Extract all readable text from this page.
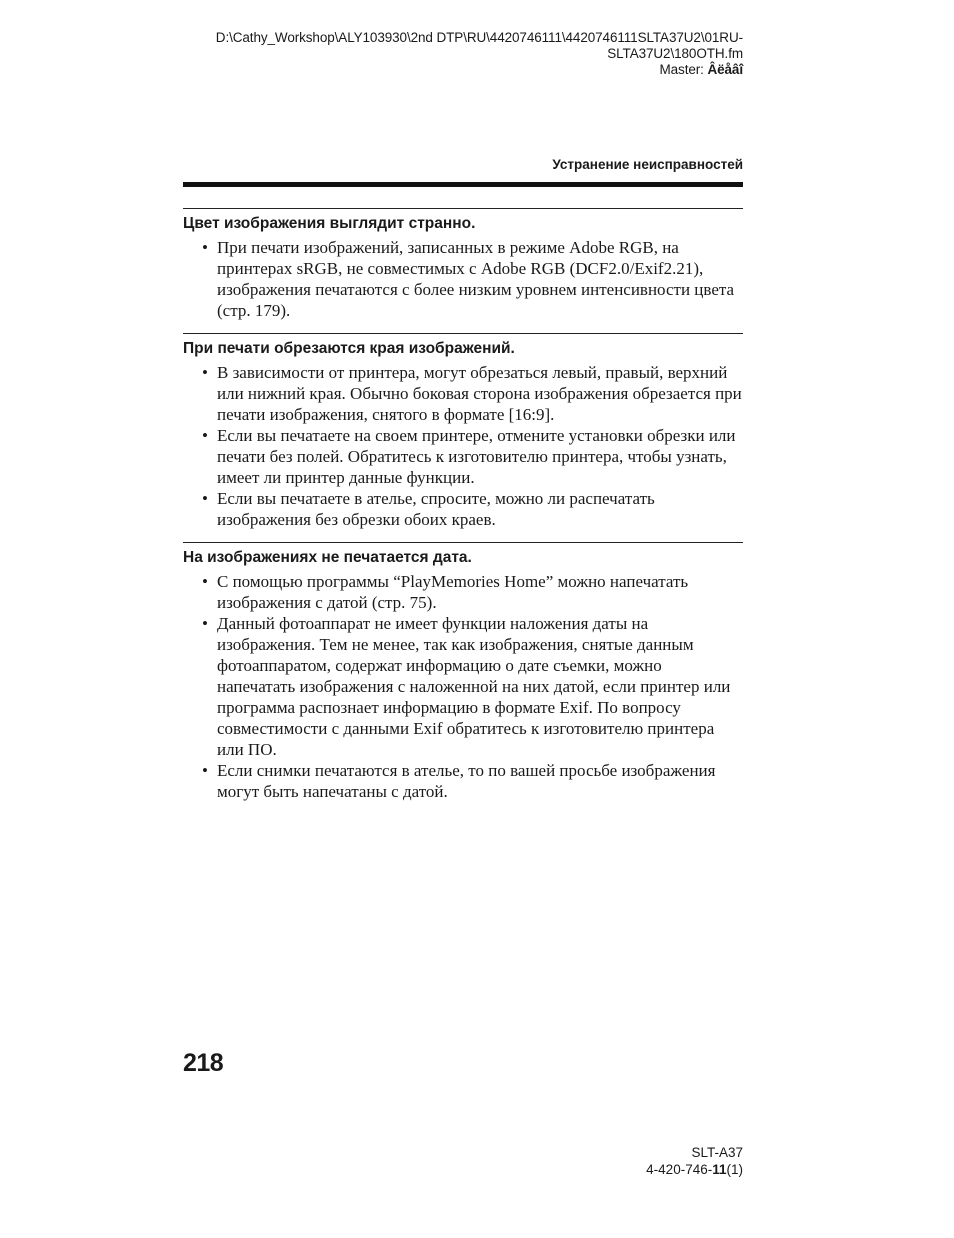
D:\Cathy_Workshop\ALY103930\2nd DTP\RU\4420746111\4420746111SLTA37U2\01RU-
SLTA37U2\180OTH.fm
Master: Âëåâî
Устранение неисправностей
Цвет изображения выглядит странно.
• При печати изображений, записанных в режиме Adobe RGB, на принтерах sRGB, не совместимых с Adobe RGB (DCF2.0/Exif2.21), изображения печатаются с более низким уровнем интенсивности цвета (стр. 179).
При печати обрезаются края изображений.
• В зависимости от принтера, могут обрезаться левый, правый, верхний или нижний края. Обычно боковая сторона изображения обрезается при печати изображения, снятого в формате [16:9].
• Если вы печатаете на своем принтере, отмените установки обрезки или печати без полей. Обратитесь к изготовителю принтера, чтобы узнать, имеет ли принтер данные функции.
• Если вы печатаете в ателье, спросите, можно ли распечатать изображения без обрезки обоих краев.
На изображениях не печатается дата.
• С помощью программы “PlayMemories Home” можно напечатать изображения с датой (стр. 75).
• Данный фотоаппарат не имеет функции наложения даты на изображения. Тем не менее, так как изображения, снятые данным фотоаппаратом, содержат информацию о дате съемки, можно напечатать изображения с наложенной на них датой, если принтер или программа распознает информацию в формате Exif. По вопросу совместимости с данными Exif обратитесь к изготовителю принтера или ПО.
• Если снимки печатаются в ателье, то по вашей просьбе изображения могут быть напечатаны с датой.
218
SLT-A37
4-420-746-11(1)
